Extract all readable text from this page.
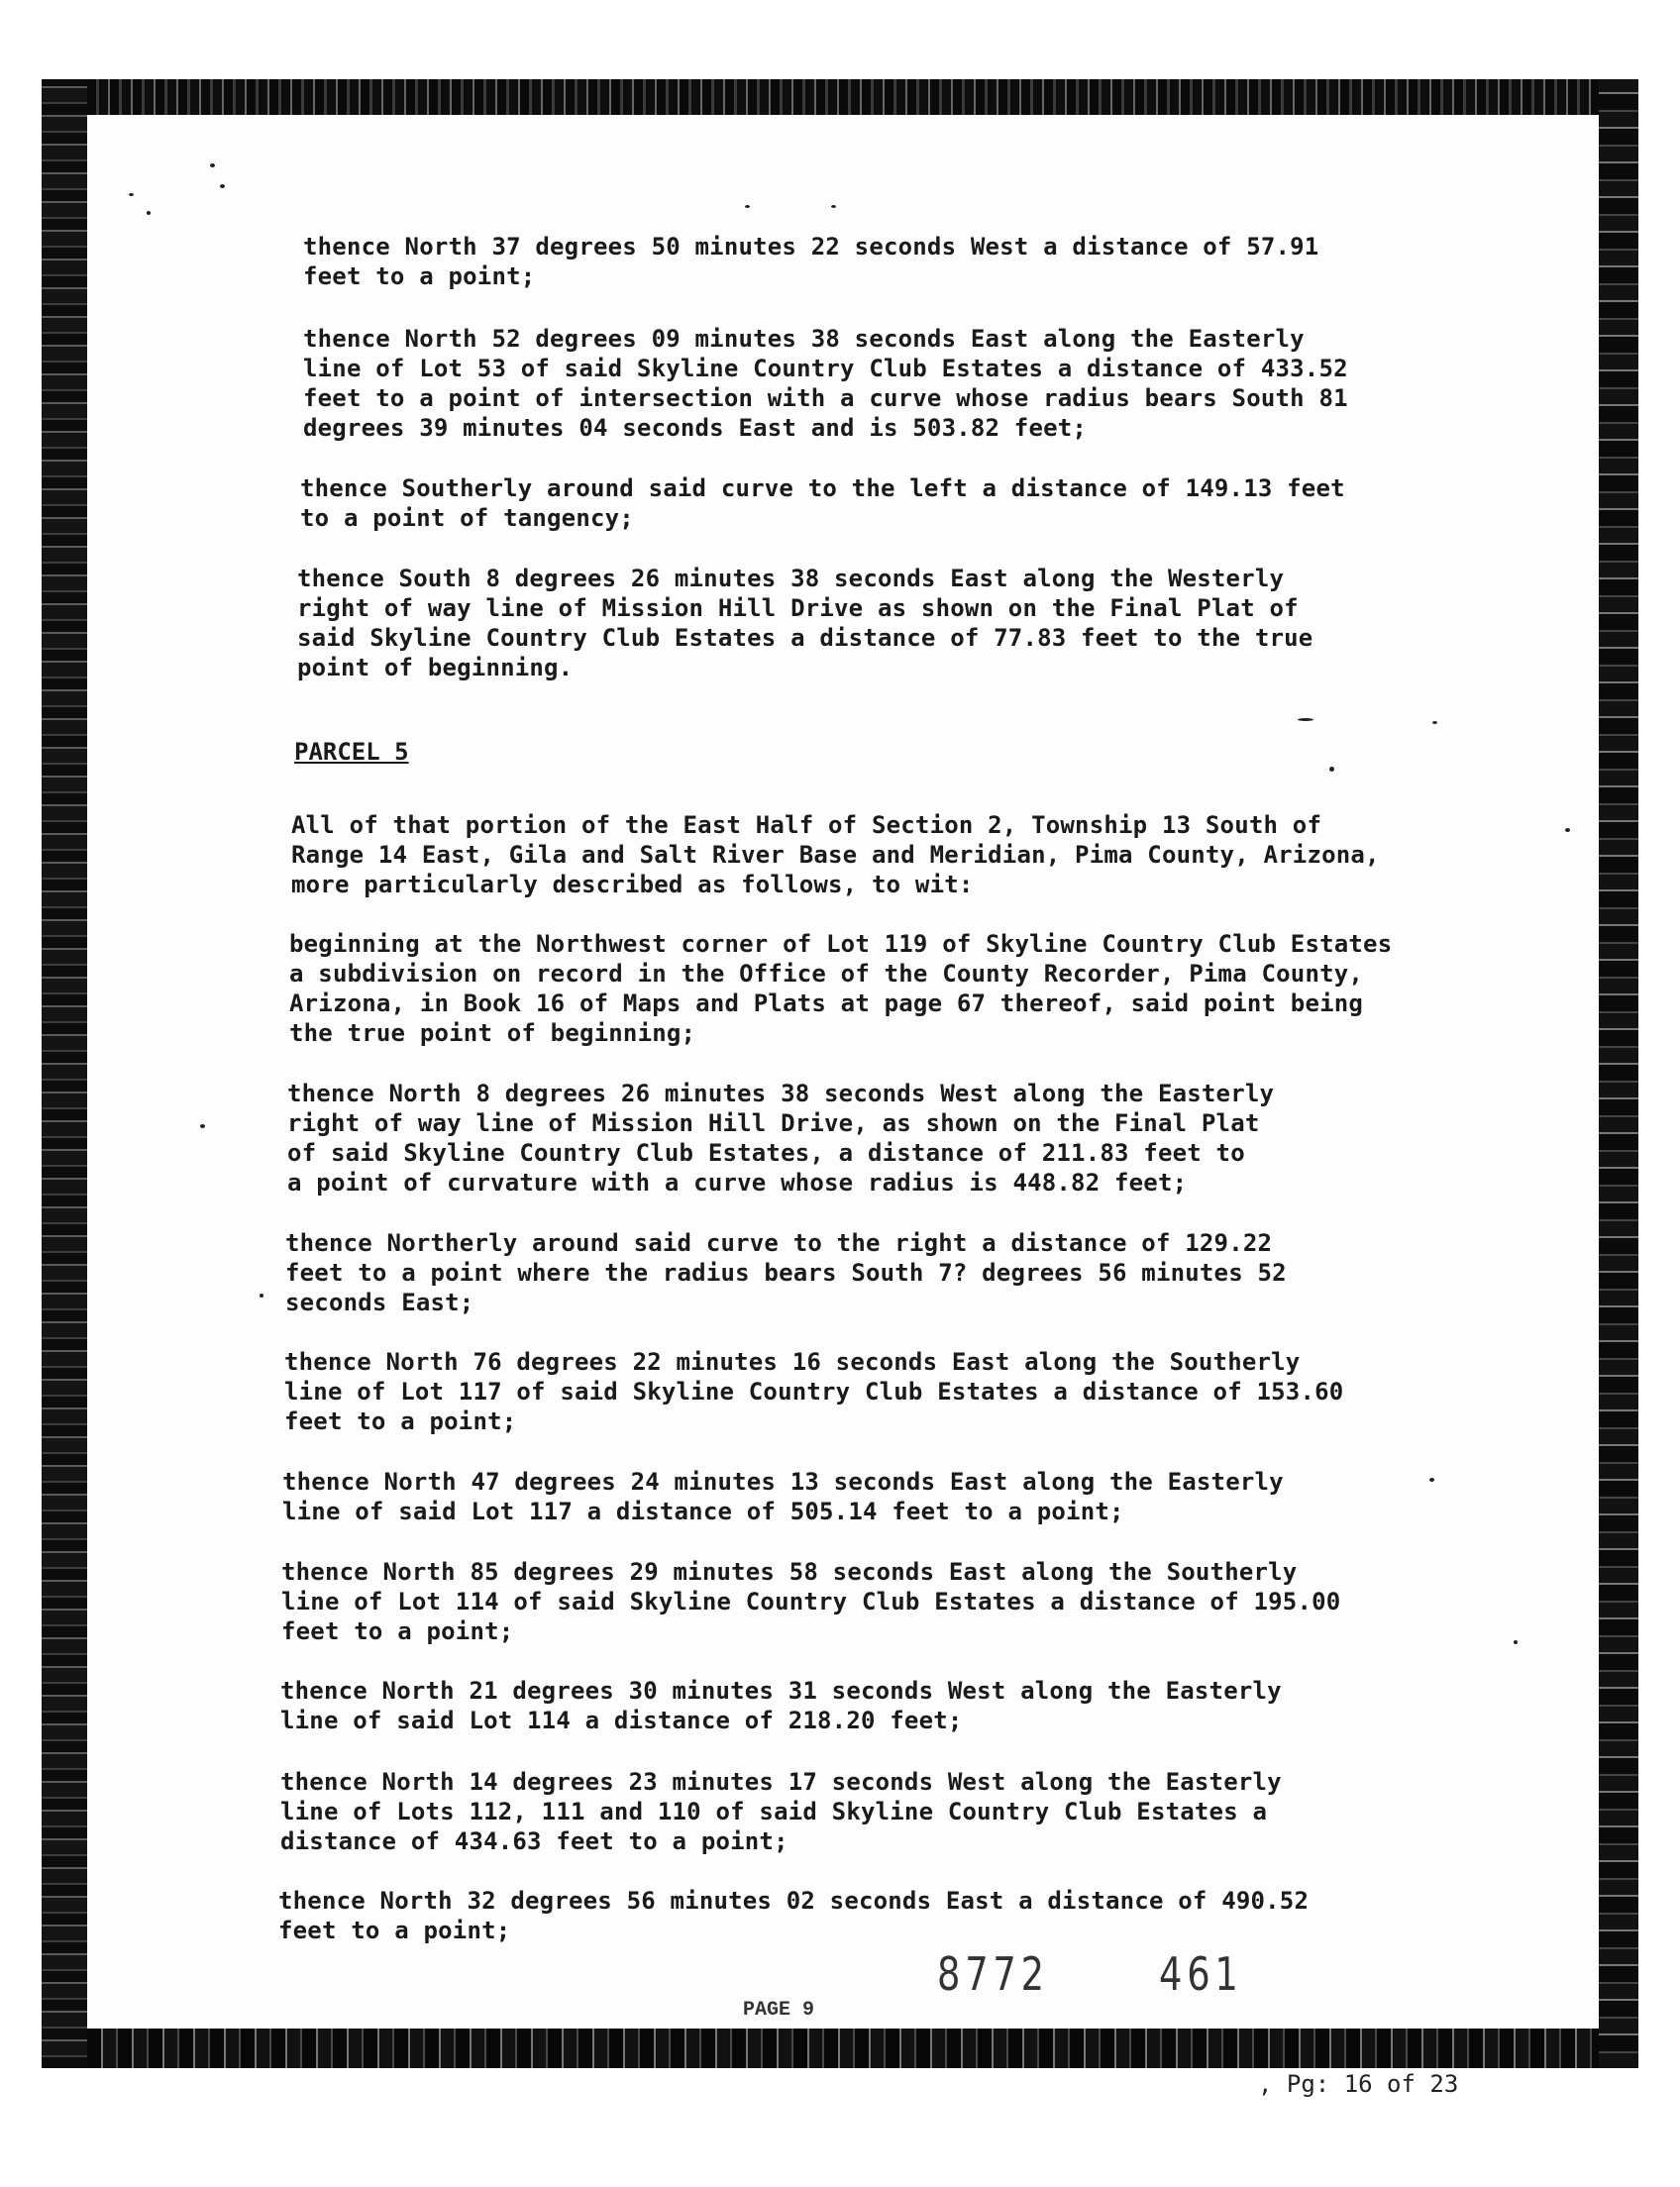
thence North 37 degrees 50 minutes 22 seconds West a distance of 57.91
feet to a point;
thence North 52 degrees 09 minutes 38 seconds East along the Easterly
line of Lot 53 of said Skyline Country Club Estates a distance of 433.52
feet to a point of intersection with a curve whose radius bears South 81
degrees 39 minutes 04 seconds East and is 503.82 feet;
thence Southerly around said curve to the left a distance of 149.13 feet
to a point of tangency;
thence South 8 degrees 26 minutes 38 seconds East along the Westerly
right of way line of Mission Hill Drive as shown on the Final Plat of
said Skyline Country Club Estates a distance of 77.83 feet to the true
point of beginning.
PARCEL 5
All of that portion of the East Half of Section 2, Township 13 South of
Range 14 East, Gila and Salt River Base and Meridian, Pima County, Arizona,
more particularly described as follows, to wit:
beginning at the Northwest corner of Lot 119 of Skyline Country Club Estates
a subdivision on record in the Office of the County Recorder, Pima County,
Arizona, in Book 16 of Maps and Plats at page 67 thereof, said point being
the true point of beginning;
thence North 8 degrees 26 minutes 38 seconds West along the Easterly
right of way line of Mission Hill Drive, as shown on the Final Plat
of said Skyline Country Club Estates, a distance of 211.83 feet to
a point of curvature with a curve whose radius is 448.82 feet;
thence Northerly around said curve to the right a distance of 129.22
feet to a point where the radius bears South 7? degrees 56 minutes 52
seconds East;
thence North 76 degrees 22 minutes 16 seconds East along the Southerly
line of Lot 117 of said Skyline Country Club Estates a distance of 153.60
feet to a point;
thence North 47 degrees 24 minutes 13 seconds East along the Easterly
line of said Lot 117 a distance of 505.14 feet to a point;
thence North 85 degrees 29 minutes 58 seconds East along the Southerly
line of Lot 114 of said Skyline Country Club Estates a distance of 195.00
feet to a point;
thence North 21 degrees 30 minutes 31 seconds West along the Easterly
line of said Lot 114 a distance of 218.20 feet;
thence North 14 degrees 23 minutes 17 seconds West along the Easterly
line of Lots 112, 111 and 110 of said Skyline Country Club Estates a
distance of 434.63 feet to a point;
thence North 32 degrees 56 minutes 02 seconds East a distance of 490.52
feet to a point;
8772 461
PAGE 9
, Pg: 16 of 23
